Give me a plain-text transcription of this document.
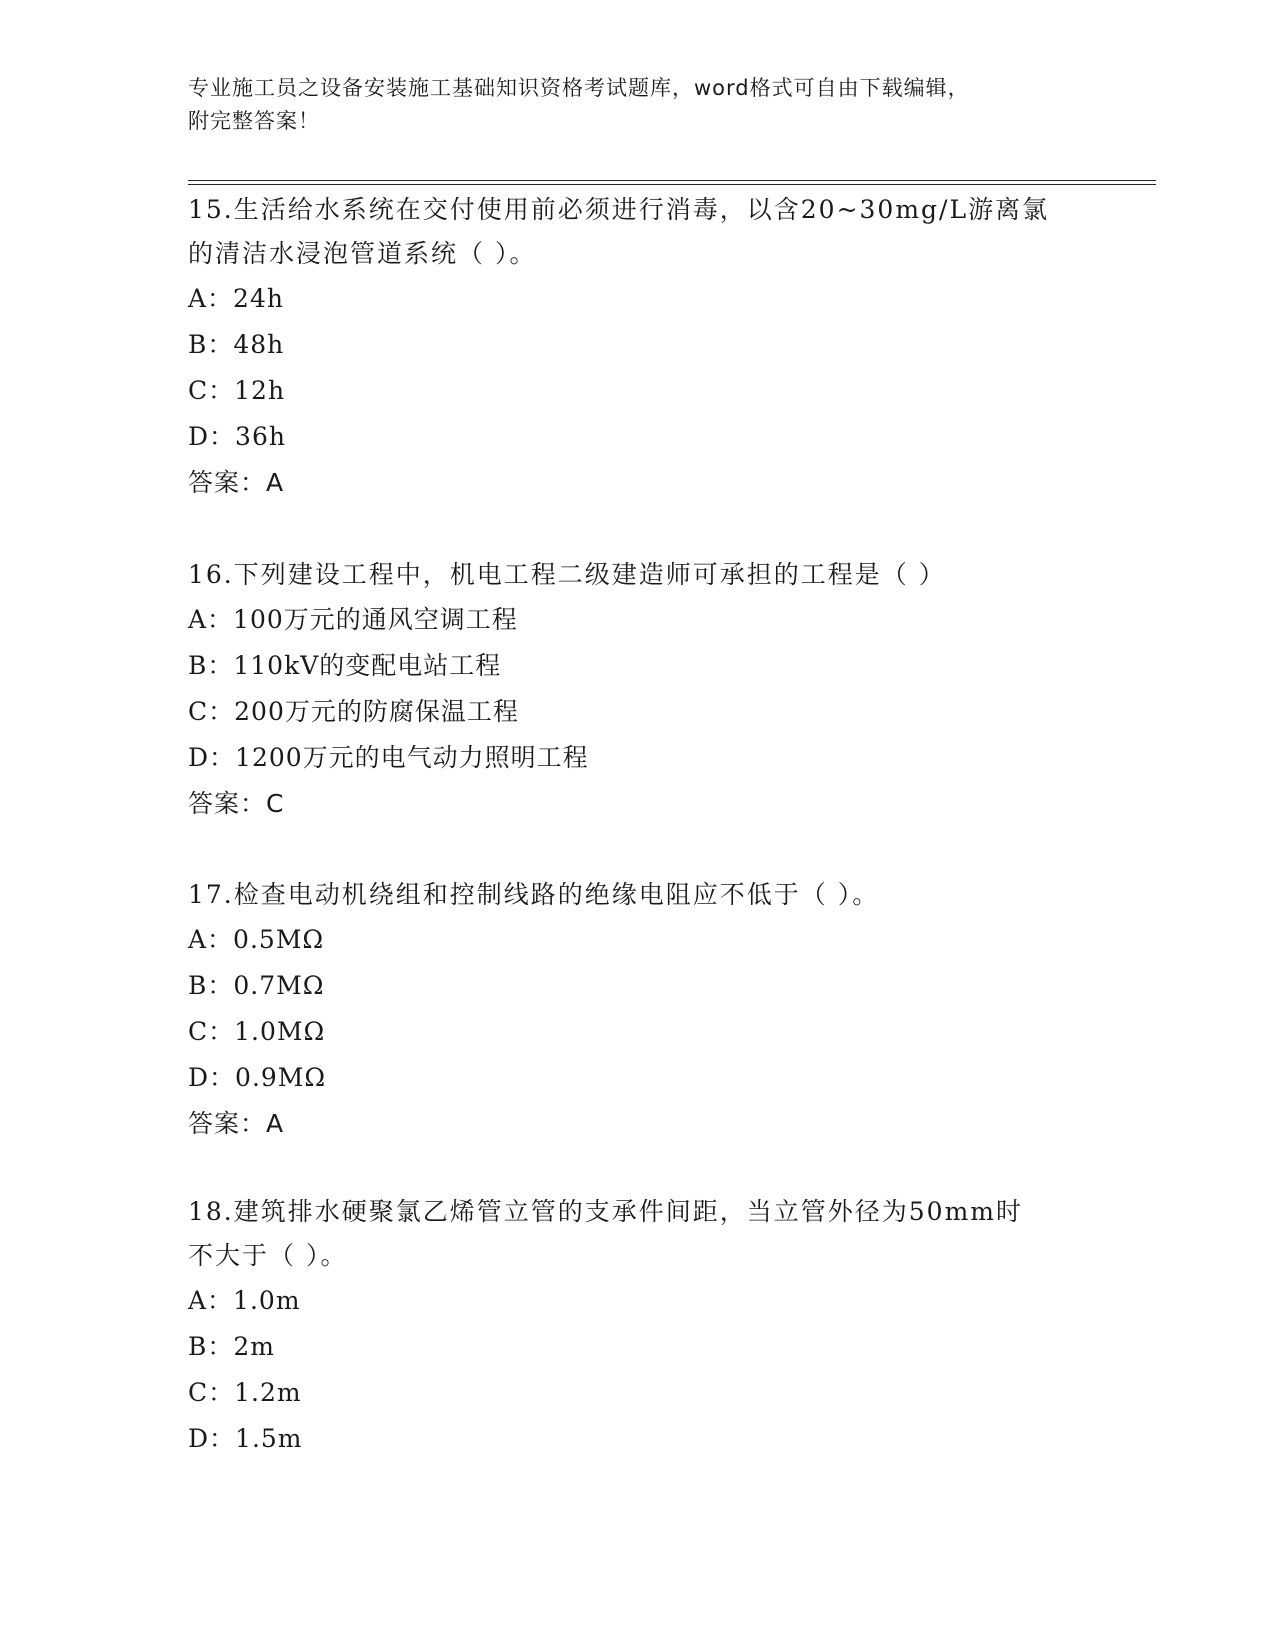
专业施工员之设备安装施工基础知识资格考试题库，word格式可自由下载编辑，
附完整答案！
15.生活给水系统在交付使用前必须进行消毒，以含20~30mg/L游离氯
的清洁水浸泡管道系统（ ）。
A：24h
B：48h
C：12h
D：36h
答案：A
16.下列建设工程中，机电工程二级建造师可承担的工程是（ ）
A：100万元的通风空调工程
B：110kV的变配电站工程
C：200万元的防腐保温工程
D：1200万元的电气动力照明工程
答案：C
17.检查电动机绕组和控制线路的绝缘电阻应不低于（ ）。
A：0.5MΩ
B：0.7MΩ
C：1.0MΩ
D：0.9MΩ
答案：A
18.建筑排水硬聚氯乙烯管立管的支承件间距，当立管外径为50mm时
不大于（ ）。
A：1.0m
B：2m
C：1.2m
D：1.5m
